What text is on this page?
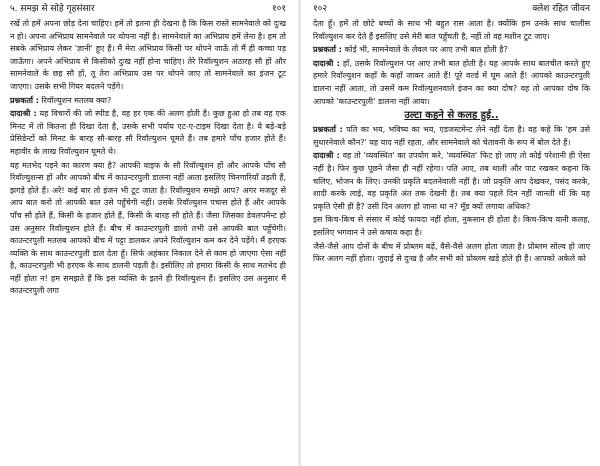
५. समझ से सोहे गृहसंसार	१०१

रखें तो हमें अपना छोड़ देना चाहिए। हमें तो इतना ही देखना है कि किस रास्ते सामनेवाले को दुःख न हो। अपना अभिप्राय सामनेवाले पर थोपना नहीं है। सामनेवाले का अभिप्राय हमें लेना है। हम तो सबके अभिप्राय लेकर 'ज्ञानी' हुए हैं। मैं मेरा अभिप्राय किसी पर थोपने जाऊँ तो मैं ही कच्चा पड़ जाऊँगा। अपने अभिप्राय से किसीको दुःख नहीं होना चाहिए। तेरे रिवॉल्युशन अठारह सौ हों और सामनेवाले के छह सौ हों, तू तेरा अभिप्राय उस पर थोपने जाए तो सामनेवाले का इंजन टूट जाएगा। उसके सभी गियर बदलने पड़ेंगे।

प्रश्नकर्ता : रिवॉल्युशन मतलब क्या?

दादाश्री : यह विचारों की जो स्पीड है, वह हर एक की अलग होती है। कुछ हुआ हो तब वह एक मिनट में तो कितना ही दिखा देता है, उसके सभी पर्याय एट-ए-टाइम दिखा देता है। ये बड़े-बड़े प्रेसिडेन्टों को मिनट के बारह सौ-बारह सौ रिवॉल्युशन घूमते हैं। तब हमारे पाँच हजार होते हैं। महावीर के लाख रिवॉल्युशन घूमते थे।

यह मतभेद पड़ने का कारण क्या है? आपकी वाइफ के सौ रिवॉल्युशन हों और आपके पाँच सौ रिवॉल्युशन्स हों और आपको बीच में काउन्टरपुली डालना नहीं आता इसलिए चिनगारियाँ उड़ती हैं, झगड़े होते हैं। अरे! कई बार तो इंजन भी टूट जाता है। रिवॉल्युशन समझे आप? अगर मजदूर से आप बात करो तो आपकी बात उसे पहुँचेगी नहीं। उसके रिवॉल्युशन पचास होते हैं और आपके पाँच सौ होते हैं, किसी के हजार होते हैं, किसी के बारह सौ होते हैं। जैसा जिसका डेवलपमेन्ट हो उस अनुसार रिवॉल्युशन होते हैं। बीच में काउन्टरपुली डालो तभी उसे आपकी बात पहुँचेगी। काउन्टरपुली मतलब आपको बीच में पट्टा डालकर अपने रिवॉल्युशन कम कर देने पड़ेंगे। मैं हरएक व्यक्ति के साथ काउन्टरपुली डाल देता हूँ। सिर्फ अहंकार निकाल देने से काम हो जाएगा ऐसा नहीं है, काउन्टरपुली भी हरएक के साथ डालनी पड़ती है। इसीलिए तो हमारा किसी के साथ मतभेद ही नहीं होता न! हम समझते हैं कि इस व्यक्ति के इतने ही रिवॉल्युशन हैं। इसलिए उस अनुसार मैं काउन्टरपुली लगा

१०२	क्लेश रहित जीवन

देता हूँ। हमें तो छोटे बच्चों के साथ भी बहुत रास आता है। क्योंकि हम उनके साथ चालीस रिवॉल्युशन कर देते हैं इसलिए उसे मेरी बात पहुँचती है, नहीं तो वह मशीन टूट जाए।

प्रश्नकर्ता : कोई भी, सामनेवाले के लेवल पर आए तभी बात होती है?

दादाश्री : हाँ, उसके रिवॉल्युशन पर आए तभी बात होती है। यह आपके साथ बातचीत करते हुए हमारे रिवॉल्युशन कहाँ के कहाँ जाकर आते हैं! पूरे वर्ल्ड में घूम आते हैं! आपको काउन्टरपुली डालना नहीं आता, तो उसमें कम रिवॉल्युशनवाले इंजन का क्या दोष? वह तो आपका दोष कि आपको 'काउन्टरपुली' डालना नहीं आया।

उल्टा कहने से कलह हुई..

प्रश्नकर्ता : पति का भय, भविष्य का भय, एडजस्टमेन्ट लेने नहीं देता है। वह कहे कि 'हम उसे सुधारनेवाले कौन?' यह याद नहीं रहता, और सामनेवाले को चेतावनी के रूप में बोल देते हैं।

दादाश्री : वह तो 'व्यवस्थित' का उपयोग करे, 'व्यवस्थित' फिट हो जाए तो कोई परेशानी ही ऐसा नहीं है। फिर कुछ पूछने जैसा ही नहीं रहेगा। पति आए, तब थाली और पाट रखकर कहना कि चलिए, भोजन के लिए। उनकी प्रकृति बदलनेवाली नहीं है। जो प्रकृति आप देखकर, पसंद करके, शादी करके लाई, वह प्रकृति अंत तक देखनी है। तब क्या पहले दिन नहीं जानती थीं कि यह प्रकृति ऐसी ही है? उसी दिन अलग हो जाना था न? मूँड क्यों लगाया अधिक?

इस किच-किच से संसार में कोई फायदा नहीं होता, नुकसान ही होता है। किच-किच यानी कलह, इसलिए भगवान ने उसे कषाय कहा है।

जैसे-जैसे आप दोनों के बीच में प्रोब्लम बढ़ें, वैसे-वैसे अलग होता जाता है। प्रोब्लम सोल्व हो जाए फिर अलग नहीं होता। जुदाई से दुःख है और सभी को प्रोब्लम खड़े होते ही हैं। आपको अकेले को
